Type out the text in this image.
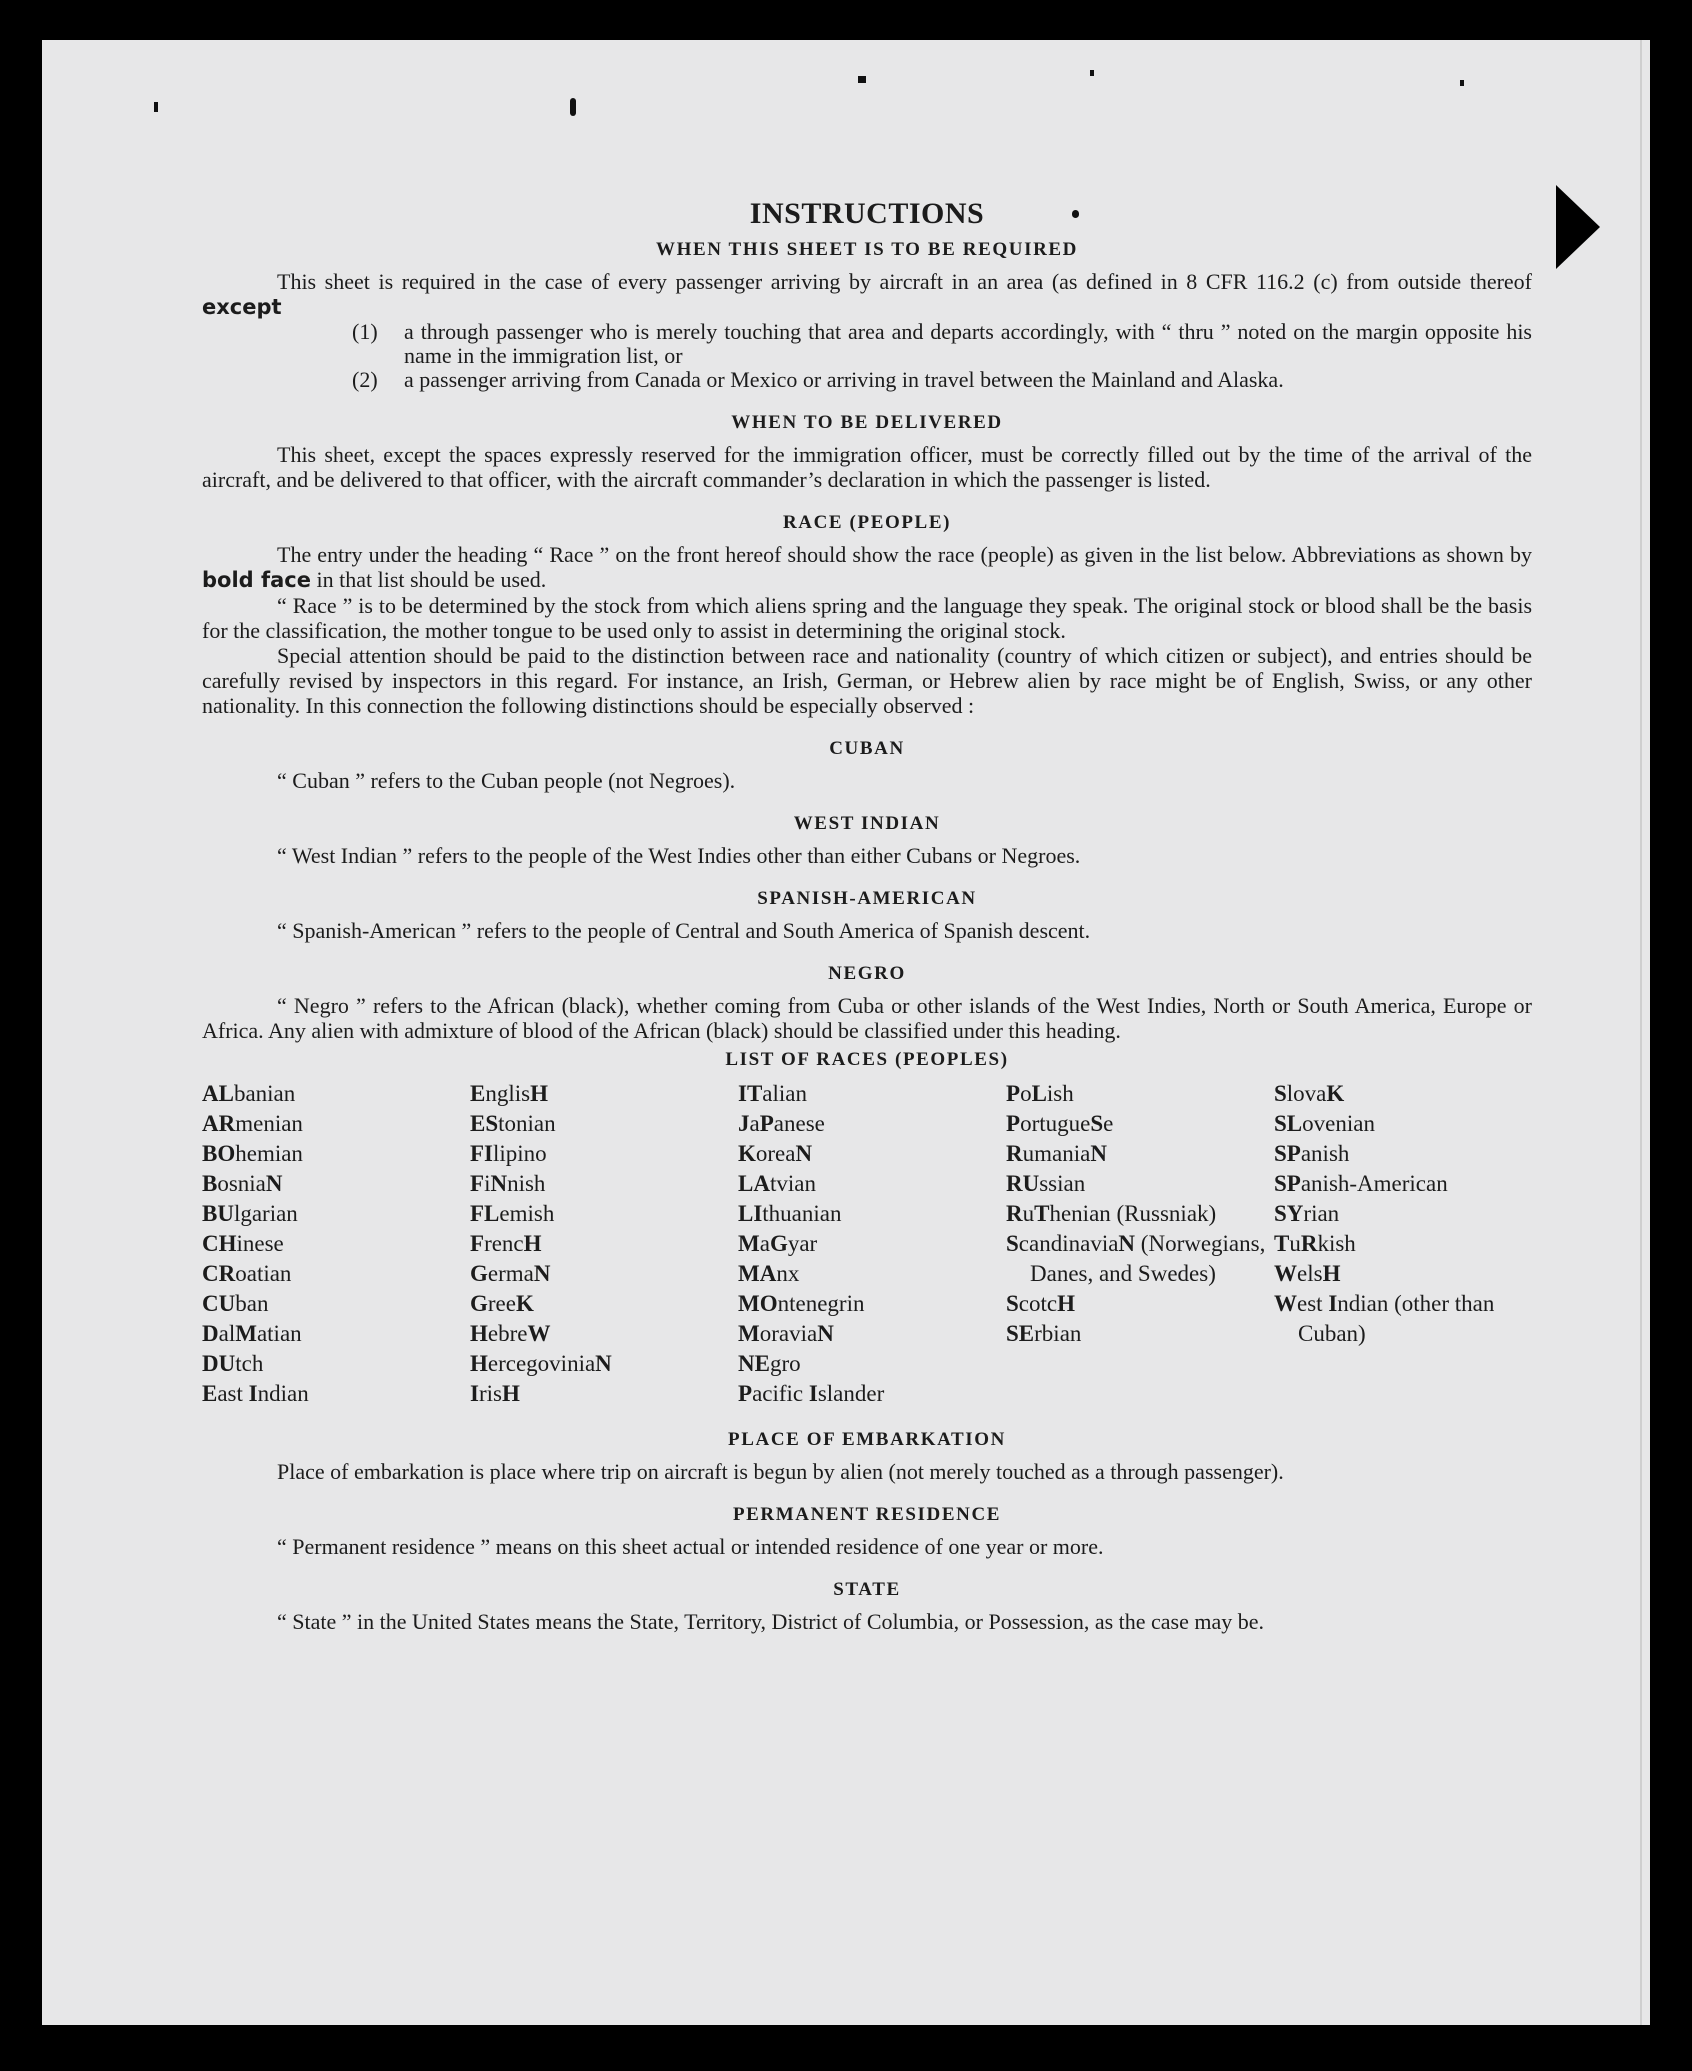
INSTRUCTIONS
WHEN THIS SHEET IS TO BE REQUIRED

This sheet is required in the case of every passenger arriving by aircraft in an area (as defined in 8 CFR 116.2 (c) from outside thereof except

(1)	a through passenger who is merely touching that area and departs accordingly, with “ thru ” noted on the margin opposite his name in the immigration list, or
(2)	a passenger arriving from Canada or Mexico or arriving in travel between the Mainland and Alaska.
WHEN TO BE DELIVERED

This sheet, except the spaces expressly reserved for the immigration officer, must be correctly filled out by the time of the arrival of the aircraft, and be delivered to that officer, with the aircraft commander’s declaration in which the passenger is listed.

RACE (PEOPLE)

The entry under the heading “ Race ” on the front hereof should show the race (people) as given in the list below. Abbreviations as shown by bold face in that list should be used.

“ Race ” is to be determined by the stock from which aliens spring and the language they speak. The original stock or blood shall be the basis for the classification, the mother tongue to be used only to assist in determining the original stock.

Special attention should be paid to the distinction between race and nationality (country of which citizen or subject), and entries should be carefully revised by inspectors in this regard. For instance, an Irish, German, or Hebrew alien by race might be of English, Swiss, or any other nationality. In this connection the following distinctions should be especially observed :

CUBAN

“ Cuban ” refers to the Cuban people (not Negroes).

WEST INDIAN

“ West Indian ” refers to the people of the West Indies other than either Cubans or Negroes.

SPANISH-AMERICAN

“ Spanish-American ” refers to the people of Central and South America of Spanish descent.

NEGRO

“ Negro ” refers to the African (black), whether coming from Cuba or other islands of the West Indies, North or South America, Europe or Africa. Any alien with admixture of blood of the African (black) should be classified under this heading.

LIST OF RACES (PEOPLES)
ALbanian
ARmenian
BOhemian
BosniaN
BUlgarian
CHinese
CRoatian
CUban
DalMatian
DUtch
East Indian
EnglisH
EStonian
FIlipino
FiNnish
FLemish
FrencH
GermaN
GreeK
HebreW
HercegoviniaN
IrisH
ITalian
JaPanese
KoreaN
LAtvian
LIthuanian
MaGyar
MAnx
MOntenegrin
MoraviaN
NEgro
Pacific Islander
PoLish
PortugueSe
RumaniaN
RUssian
RuThenian (Russniak)
ScandinaviaN (Norwegians, Danes, and Swedes)
ScotcH
SErbian
SlovaK
SLovenian
SPanish
SPanish-American
SYrian
TuRkish
WelsH
West Indian (other than Cuban)
PLACE OF EMBARKATION

Place of embarkation is place where trip on aircraft is begun by alien (not merely touched as a through passenger).

PERMANENT RESIDENCE

“ Permanent residence ” means on this sheet actual or intended residence of one year or more.

STATE

“ State ” in the United States means the State, Territory, District of Columbia, or Possession, as the case may be.
